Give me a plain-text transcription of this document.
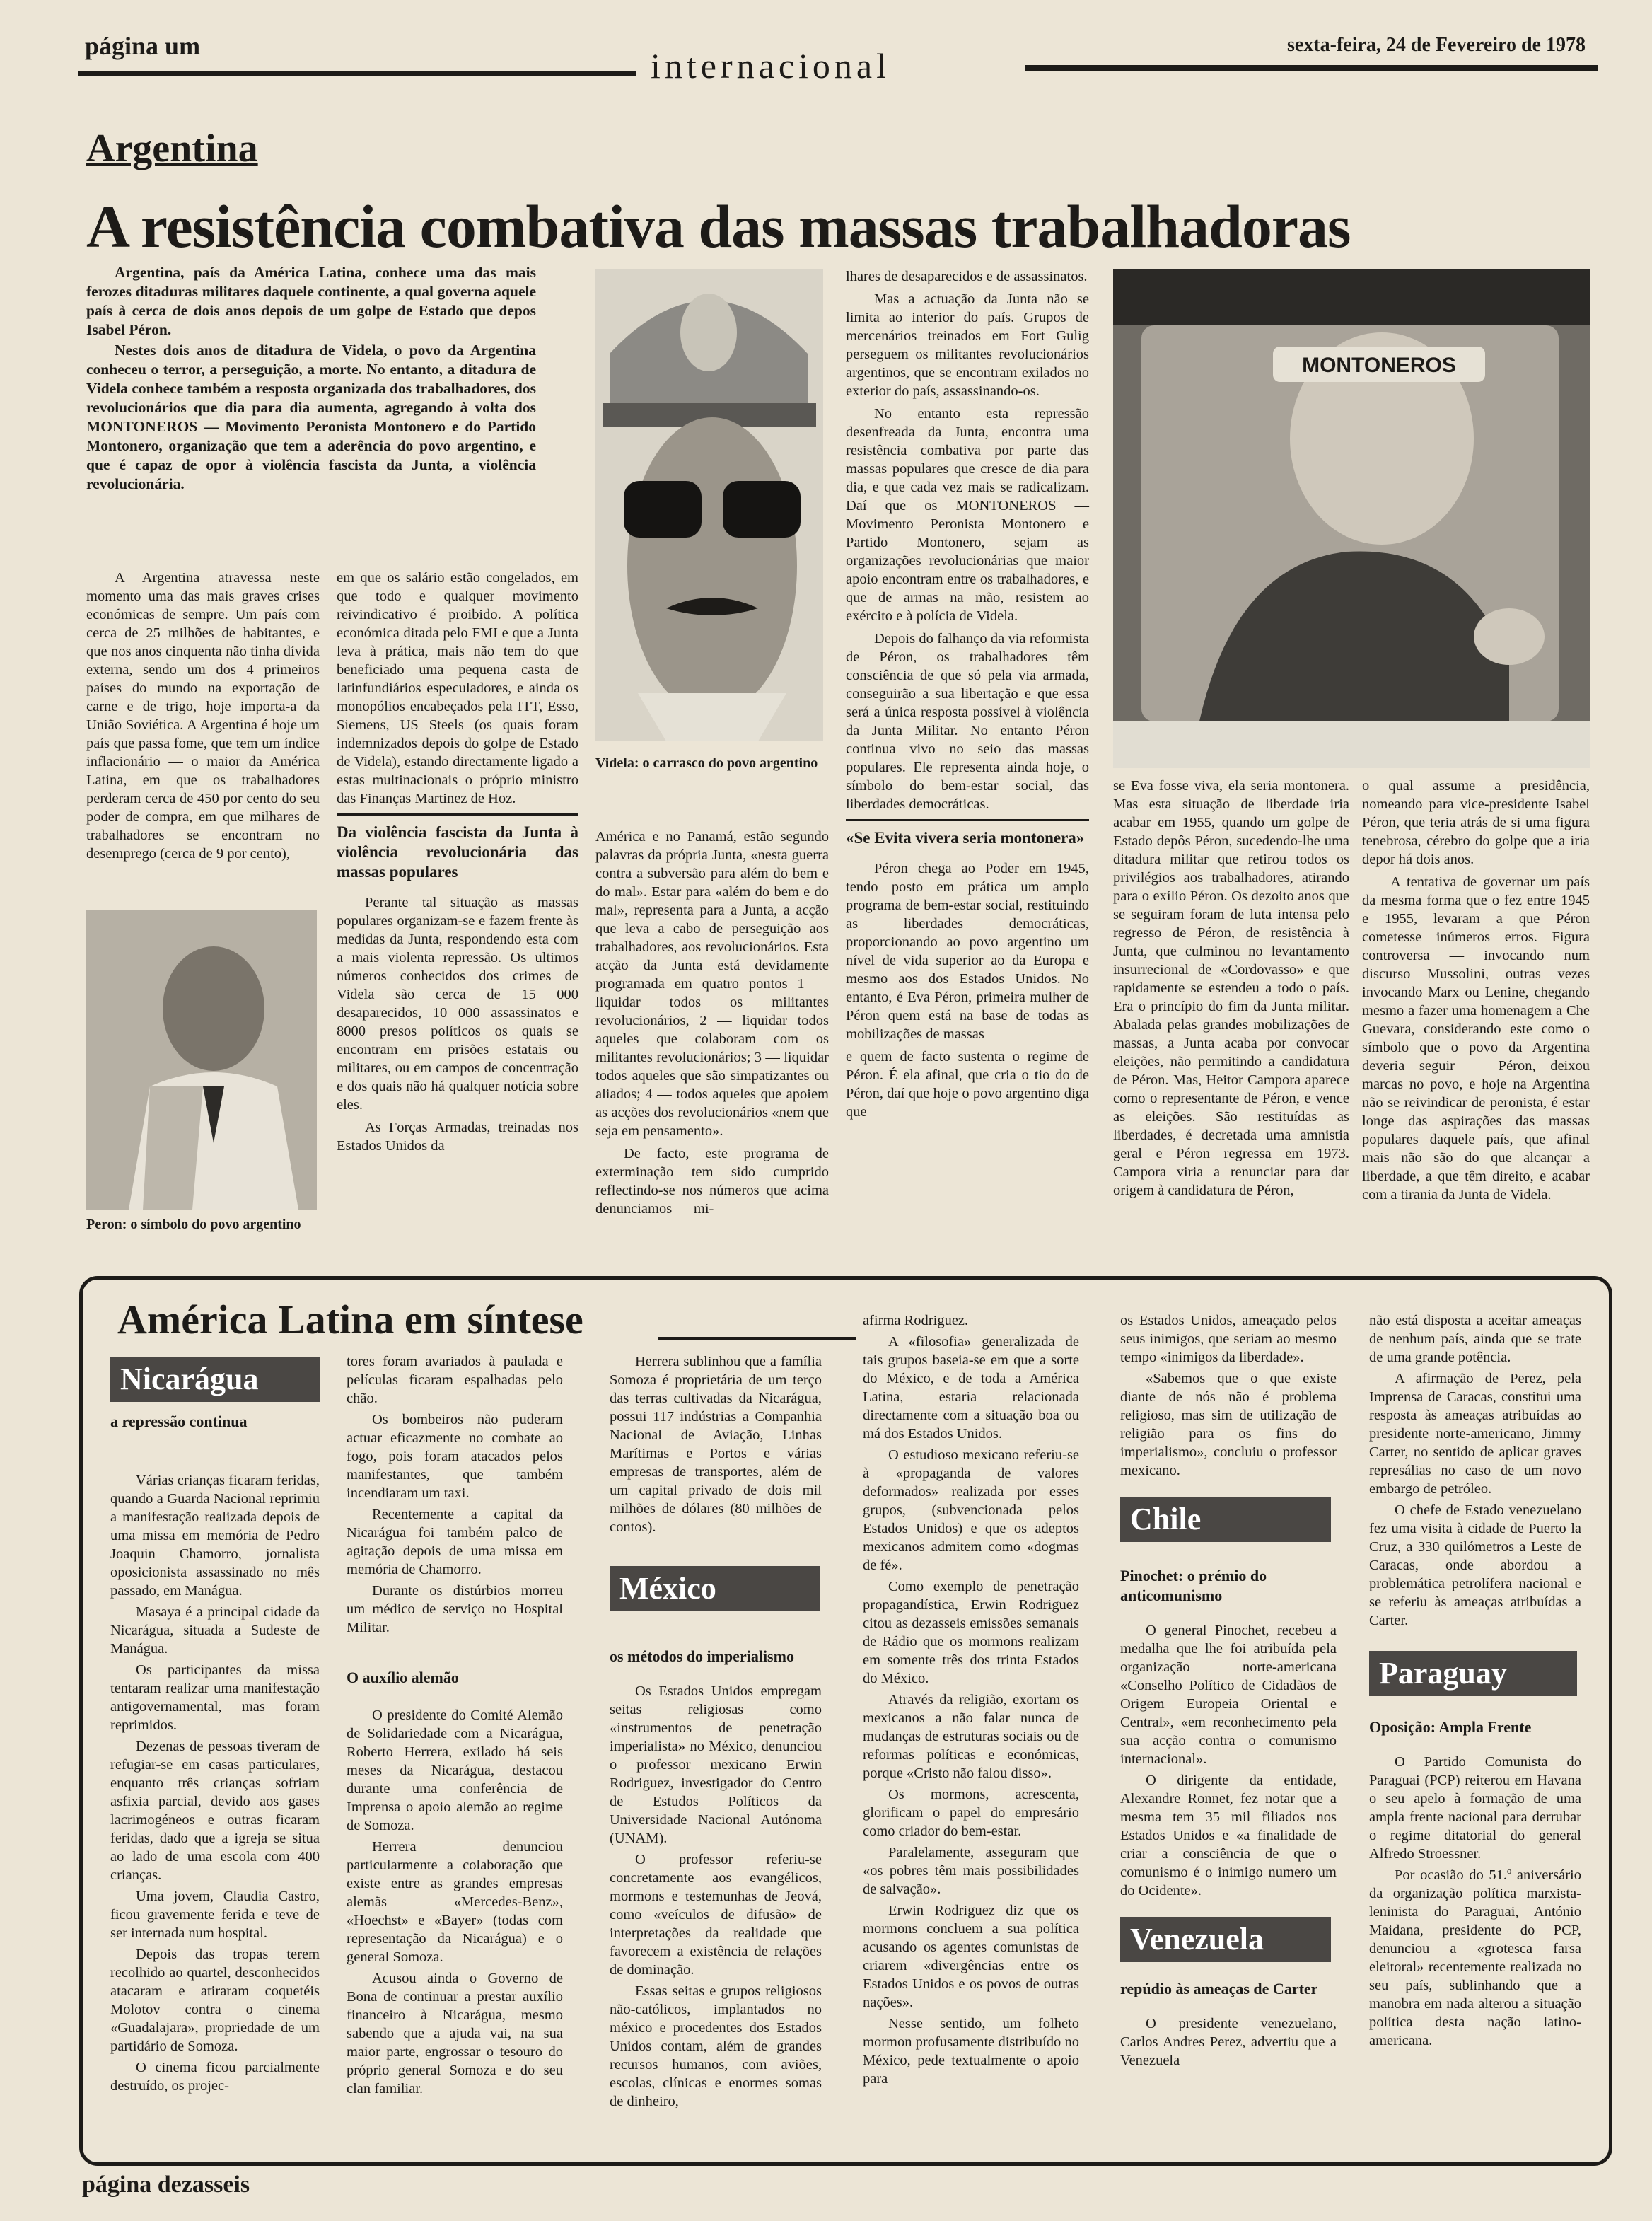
página um	internacional
sexta-feira, 24 de Fevereiro de 1978
Argentina
A resistência combativa das massas trabalhadoras

Argentina, país da América Latina, conhece uma das mais ferozes ditaduras militares daquele continente, a qual governa aquele país à cerca de dois anos depois de um golpe de Estado que depos Isabel Péron.

Nestes dois anos de ditadura de Videla, o povo da Argentina conheceu o terror, a perseguição, a morte. No entanto, a ditadura de Videla conhece também a resposta organizada dos trabalhadores, dos revolucionários que dia para dia aumenta, agregando à volta dos MONTONEROS — Movimento Peronista Montonero e do Partido Montonero, organização que tem a aderência do povo argentino, e que é capaz de opor à violência fascista da Junta, a violência revolucionária.

A Argentina atravessa neste momento uma das mais graves crises económicas de sempre. Um país com cerca de 25 milhões de habitantes, e que nos anos cinquenta não tinha dívida externa, sendo um dos 4 primeiros países do mundo na exportação de carne e de trigo, hoje importa-a da União Soviética. A Argentina é hoje um país que passa fome, que tem um índice inflacionário — o maior da América Latina, em que os trabalhadores perderam cerca de 450 por cento do seu poder de compra, em que milhares de trabalhadores se encontram no desemprego (cerca de 9 por cento),

Peron: o símbolo do povo argentino

em que os salário estão congelados, em que todo e qualquer movimento reivindicativo é proibido. A política económica ditada pelo FMI e que a Junta leva à prática, mais não tem do que beneficiado uma pequena casta de latinfundiários especuladores, e ainda os monopólios encabeçados pela ITT, Esso, Siemens, US Steels (os quais foram indemnizados depois do golpe de Estado de Videla), estando directamente ligado a estas multinacionais o próprio ministro das Finanças Martinez de Hoz.

Da violência fascista da Junta à violência revolucionária das massas populares

Perante tal situação as massas populares organizam-se e fazem frente às medidas da Junta, respondendo esta com a mais violenta repressão. Os ultimos números conhecidos dos crimes de Videla são cerca de 15 000 desaparecidos, 10 000 assassinatos e 8000 presos políticos os quais se encontram em prisões estatais ou militares, ou em campos de concentração e dos quais não há qualquer notícia sobre eles.

As Forças Armadas, treinadas nos Estados Unidos da

Videla: o carrasco do povo argentino

América e no Panamá, estão segundo palavras da própria Junta, «nesta guerra contra a subversão para além do bem e do mal». Estar para «além do bem e do mal», representa para a Junta, a acção que leva a cabo de perseguição aos trabalhadores, aos revolucionários. Esta acção da Junta está devidamente programada em quatro pontos 1 — liquidar todos os militantes revolucionários, 2 — liquidar todos aqueles que colaboram com os militantes revolucionários; 3 — liquidar todos aqueles que são simpatizantes ou aliados; 4 — todos aqueles que apoiem as acções dos revolucionários «nem que seja em pensamento».

De facto, este programa de exterminação tem sido cumprido reflectindo-se nos números que acima denunciamos — mi-

lhares de desaparecidos e de assassinatos.

Mas a actuação da Junta não se limita ao interior do país. Grupos de mercenários treinados em Fort Gulig perseguem os militantes revolucionários argentinos, que se encontram exilados no exterior do país, assassinando-os.

No entanto esta repressão desenfreada da Junta, encontra uma resistência combativa por parte das massas populares que cresce de dia para dia, e que cada vez mais se radicalizam. Daí que os MONTONEROS — Movimento Peronista Montonero e Partido Montonero, sejam as organizações revolucionárias que maior apoio encontram entre os trabalhadores, e que de armas na mão, resistem ao exército e à polícia de Videla.

Depois do falhanço da via reformista de Péron, os trabalhadores têm consciência de que só pela via armada, conseguirão a sua libertação e que essa será a única resposta possível à violência da Junta Militar. No entanto Péron continua vivo no seio das massas populares. Ele representa ainda hoje, o símbolo do bem-estar social, das liberdades democráticas.

«Se Evita vivera seria montonera»

Péron chega ao Poder em 1945, tendo posto em prática um amplo programa de bem-estar social, restituindo as liberdades democráticas, proporcionando ao povo argentino um nível de vida superior ao da Europa e mesmo aos dos Estados Unidos. No entanto, é Eva Péron, primeira mulher de Péron quem está na base de todas as mobilizações de massas

e quem de facto sustenta o regime de Péron. É ela afinal, que cria o tio do de Péron, daí que hoje o povo argentino diga que

MONTONEROS

se Eva fosse viva, ela seria montonera. Mas esta situação de liberdade iria acabar em 1955, quando um golpe de Estado depôs Péron, sucedendo-lhe uma ditadura militar que retirou todos os privilégios aos trabalhadores, atirando para o exílio Péron. Os dezoito anos que se seguiram foram de luta intensa pelo regresso de Péron, de resistência à Junta, que culminou no levantamento insurrecional de «Cordovasso» e que rapidamente se estendeu a todo o país. Era o princípio do fim da Junta militar. Abalada pelas grandes mobilizações de massas, a Junta acaba por convocar eleições, não permitindo a candidatura de Péron. Mas, Heitor Campora aparece como o representante de Péron, e vence as eleições. São restituídas as liberdades, é decretada uma amnistia geral e Péron regressa em 1973. Campora viria a renunciar para dar origem à candidatura de Péron,

o qual assume a presidência, nomeando para vice-presidente Isabel Péron, que teria atrás de si uma figura tenebrosa, cérebro do golpe que a iria depor há dois anos.

A tentativa de governar um país da mesma forma que o fez entre 1945 e 1955, levaram a que Péron cometesse inúmeros erros. Figura controversa — invocando num discurso Mussolini, outras vezes invocando Marx ou Lenine, chegando mesmo a fazer uma homenagem a Che Guevara, considerando este como o símbolo que o povo da Argentina deveria seguir — Péron, deixou marcas no povo, e hoje na Argentina não se reivindicar de peronista, é estar longe das aspirações das massas populares daquele país, que afinal mais não são do que alcançar a liberdade, a que têm direito, e acabar com a tirania da Junta de Videla.

América Latina em síntese
Nicarágua
a repressão continua

Várias crianças ficaram feridas, quando a Guarda Nacional reprimiu a manifestação realizada depois de uma missa em memória de Pedro Joaquin Chamorro, jornalista oposicionista assassinado no mês passado, em Manágua.

Masaya é a principal cidade da Nicarágua, situada a Sudeste de Manágua.

Os participantes da missa tentaram realizar uma manifestação antigovernamental, mas foram reprimidos.

Dezenas de pessoas tiveram de refugiar-se em casas particulares, enquanto três crianças sofriam asfixia parcial, devido aos gases lacrimogéneos e outras ficaram feridas, dado que a igreja se situa ao lado de uma escola com 400 crianças.

Uma jovem, Claudia Castro, ficou gravemente ferida e teve de ser internada num hospital.

Depois das tropas terem recolhido ao quartel, desconhecidos atacaram e atiraram coquetéis Molotov contra o cinema «Guadalajara», propriedade de um partidário de Somoza.

O cinema ficou parcialmente destruído, os projec-

tores foram avariados à paulada e películas ficaram espalhadas pelo chão.

Os bombeiros não puderam actuar eficazmente no combate ao fogo, pois foram atacados pelos manifestantes, que também incendiaram um taxi.

Recentemente a capital da Nicarágua foi também palco de agitação depois de uma missa em memória de Chamorro.

Durante os distúrbios morreu um médico de serviço no Hospital Militar.

O auxílio alemão

O presidente do Comité Alemão de Solidariedade com a Nicarágua, Roberto Herrera, exilado há seis meses da Nicarágua, destacou durante uma conferência de Imprensa o apoio alemão ao regime de Somoza.

Herrera denunciou particularmente a colaboração que existe entre as grandes empresas alemãs «Mercedes-Benz», «Hoechst» e «Bayer» (todas com representação da Nicarágua) e o general Somoza.

Acusou ainda o Governo de Bona de continuar a prestar auxílio financeiro à Nicarágua, mesmo sabendo que a ajuda vai, na sua maior parte, engrossar o tesouro do próprio general Somoza e do seu clan familiar.

Herrera sublinhou que a família Somoza é proprietária de um terço das terras cultivadas da Nicarágua, possui 117 indústrias a Companhia Nacional de Aviação, Linhas Marítimas e Portos e várias empresas de transportes, além de um capital privado de dois mil milhões de dólares (80 milhões de contos).

México
os métodos do imperialismo

Os Estados Unidos empregam seitas religiosas como «instrumentos de penetração imperialista» no México, denunciou o professor mexicano Erwin Rodriguez, investigador do Centro de Estudos Políticos da Universidade Nacional Autónoma (UNAM).

O professor referiu-se concretamente aos evangélicos, mormons e testemunhas de Jeová, como «veículos de difusão» de interpretações da realidade que favorecem a existência de relações de dominação.

Essas seitas e grupos religiosos não-católicos, implantados no méxico e procedentes dos Estados Unidos contam, além de grandes recursos humanos, com aviões, escolas, clínicas e enormes somas de dinheiro,

afirma Rodriguez.

A «filosofia» generalizada de tais grupos baseia-se em que a sorte do México, e de toda a América Latina, estaria relacionada directamente com a situação boa ou má dos Estados Unidos.

O estudioso mexicano referiu-se à «propaganda de valores deformados» realizada por esses grupos, (subvencionada pelos Estados Unidos) e que os adeptos mexicanos admitem como «dogmas de fé».

Como exemplo de penetração propagandística, Erwin Rodriguez citou as dezasseis emissões semanais de Rádio que os mormons realizam em somente três dos trinta Estados do México.

Através da religião, exortam os mexicanos a não falar nunca de mudanças de estruturas sociais ou de reformas políticas e económicas, porque «Cristo não falou disso».

Os mormons, acrescenta, glorificam o papel do empresário como criador do bem-estar.

Paralelamente, asseguram que «os pobres têm mais possibilidades de salvação».

Erwin Rodriguez diz que os mormons concluem a sua política acusando os agentes comunistas de criarem «divergências entre os Estados Unidos e os povos de outras nações».

Nesse sentido, um folheto mormon profusamente distribuído no México, pede textualmente o apoio para

os Estados Unidos, ameaçado pelos seus inimigos, que seriam ao mesmo tempo «inimigos da liberdade».

«Sabemos que o que existe diante de nós não é problema religioso, mas sim de utilização de religião para os fins do imperialismo», concluiu o professor mexicano.

Chile
Pinochet: o prémio do anticomunismo

O general Pinochet, recebeu a medalha que lhe foi atribuída pela organização norte-americana «Conselho Político de Cidadãos de Origem Europeia Oriental e Central», «em reconhecimento pela sua acção contra o comunismo internacional».

O dirigente da entidade, Alexandre Ronnet, fez notar que a mesma tem 35 mil filiados nos Estados Unidos e «a finalidade de criar a consciência de que o comunismo é o inimigo numero um do Ocidente».

Venezuela
repúdio às ameaças de Carter

O presidente venezuelano, Carlos Andres Perez, advertiu que a Venezuela

não está disposta a aceitar ameaças de nenhum país, ainda que se trate de uma grande potência.

A afirmação de Perez, pela Imprensa de Caracas, constitui uma resposta às ameaças atribuídas ao presidente norte-americano, Jimmy Carter, no sentido de aplicar graves represálias no caso de um novo embargo de petróleo.

O chefe de Estado venezuelano fez uma visita à cidade de Puerto la Cruz, a 330 quilómetros a Leste de Caracas, onde abordou a problemática petrolífera nacional e se referiu às ameaças atribuídas a Carter.

Paraguay
Oposição: Ampla Frente

O Partido Comunista do Paraguai (PCP) reiterou em Havana o seu apelo à formação de uma ampla frente nacional para derrubar o regime ditatorial do general Alfredo Stroessner.

Por ocasião do 51.º aniversário da organização política marxista-leninista do Paraguai, António Maidana, presidente do PCP, denunciou a «grotesca farsa eleitoral» recentemente realizada no seu país, sublinhando que a manobra em nada alterou a situação política desta nação latino-americana.

página dezasseis
